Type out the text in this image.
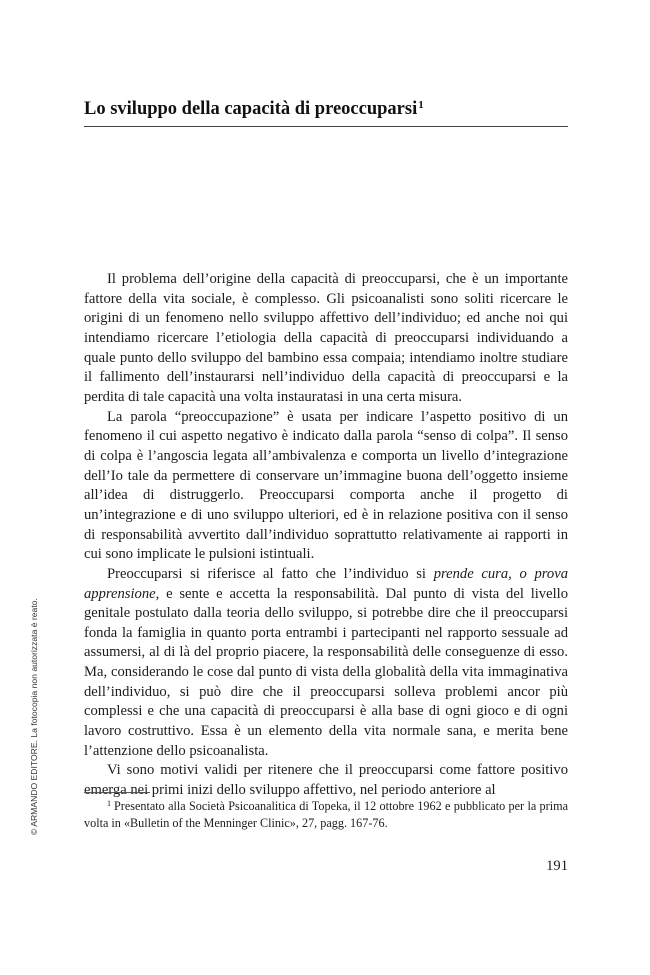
Lo sviluppo della capacità di preoccuparsi$^1$

Il problema dell’origine della capacità di preoccuparsi, che è un importante fattore della vita sociale, è complesso. Gli psicoanalisti sono soliti ricercare le origini di un fenomeno nello sviluppo affettivo dell’individuo; ed anche noi qui intendiamo ricercare l’etiologia della capacità di preoccuparsi individuando a quale punto dello sviluppo del bambino essa compaia; intendiamo inoltre studiare il fallimento dell’instaurarsi nell’individuo della capacità di preoccuparsi e la perdita di tale capacità una volta instauratasi in una certa misura.

La parola “preoccupazione” è usata per indicare l’aspetto positivo di un fenomeno il cui aspetto negativo è indicato dalla parola “senso di colpa”. Il senso di colpa è l’angoscia legata all’ambivalenza e comporta un livello d’integrazione dell’Io tale da permettere di conservare un’immagine buona dell’oggetto insieme all’idea di distruggerlo. Preoccuparsi comporta anche il progetto di un’integrazione e di uno sviluppo ulteriori, ed è in relazione positiva con il senso di responsabilità avvertito dall’individuo soprattutto relativamente ai rapporti in cui sono implicate le pulsioni istintuali.

Preoccuparsi si riferisce al fatto che l’individuo si prende cura, o prova apprensione, e sente e accetta la responsabilità. Dal punto di vista del livello genitale postulato dalla teoria dello sviluppo, si potrebbe dire che il preoccuparsi fonda la famiglia in quanto porta entrambi i partecipanti nel rapporto sessuale ad assumersi, al di là del proprio piacere, la responsabilità delle conseguenze di esso. Ma, considerando le cose dal punto di vista della globalità della vita immaginativa dell’individuo, si può dire che il preoccuparsi solleva problemi ancor più complessi e che una capacità di preoccuparsi è alla base di ogni gioco e di ogni lavoro costruttivo. Essa è un elemento della vita normale sana, e merita bene l’attenzione dello psicoanalista.

Vi sono motivi validi per ritenere che il preoccuparsi come fattore positivo emerga nei primi inizi dello sviluppo affettivo, nel periodo anteriore al

$^1$ Presentato alla Società Psicoanalitica di Topeka, il 12 ottobre 1962 e pubblicato per la prima volta in «Bulletin of the Menninger Clinic», 27, pagg. 167-76.

191

© ARMANDO EDITORE. La fotocopia non autorizzata è reato.
